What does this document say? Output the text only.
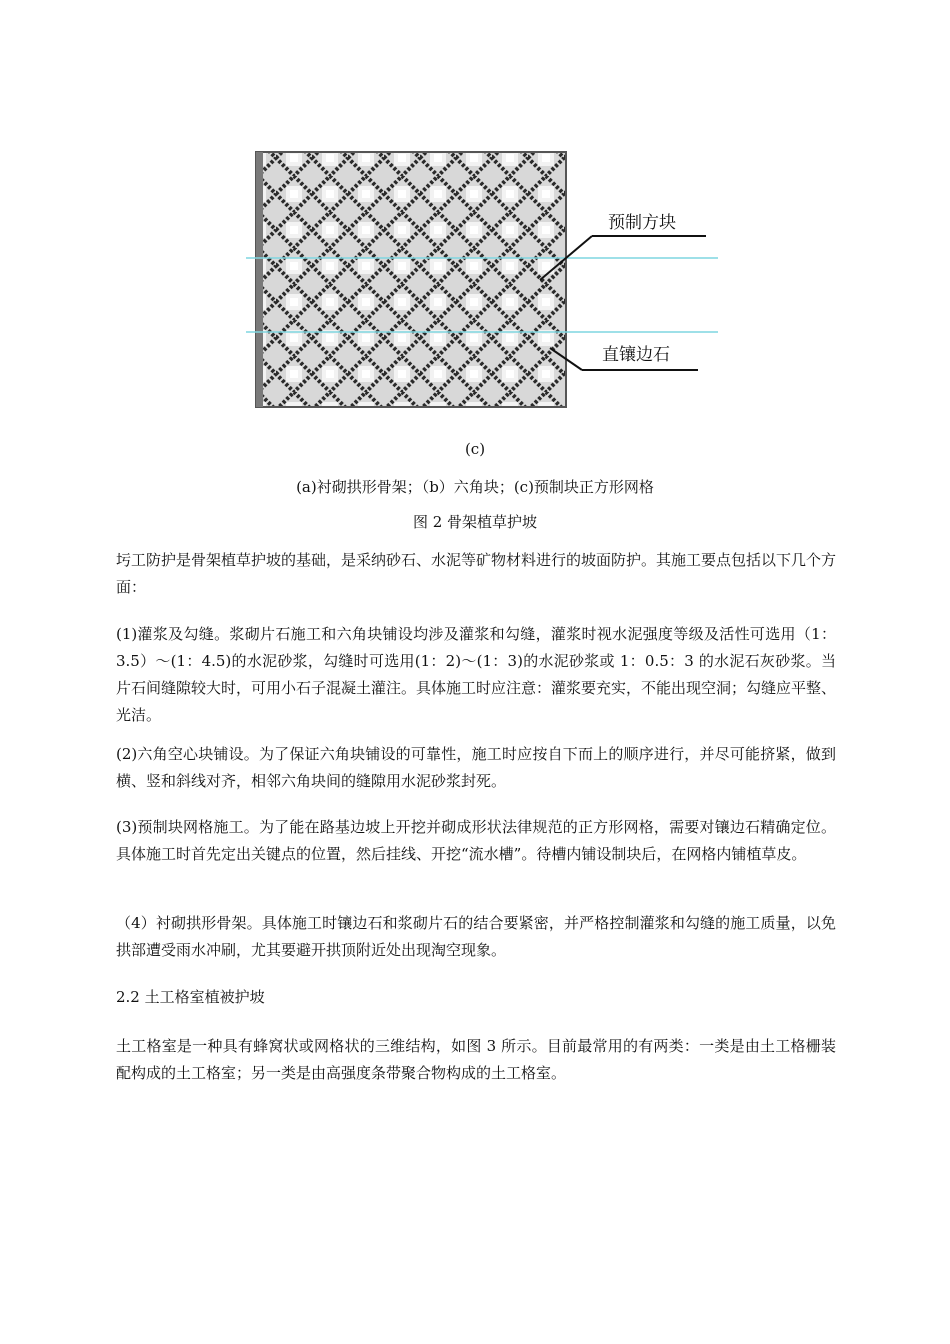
预制方块
直镶边石
(c)
(a)衬砌拱形骨架；（b）六角块；(c)预制块正方形网格
图 2 骨架植草护坡
圬工防护是骨架植草护坡的基础，是采纳砂石、水泥等矿物材料进行的坡面防护。其施工要点包括以下几个方面：
(1)灌浆及勾缝。浆砌片石施工和六角块铺设均涉及灌浆和勾缝，灌浆时视水泥强度等级及活性可选用（1：3.5）～(1：4.5)的水泥砂浆，勾缝时可选用(1：2)～(1：3)的水泥砂浆或 1：0.5：3 的水泥石灰砂浆。当片石间缝隙较大时，可用小石子混凝土灌注。具体施工时应注意：灌浆要充实，不能出现空洞；勾缝应平整、光洁。
(2)六角空心块铺设。为了保证六角块铺设的可靠性，施工时应按自下而上的顺序进行，并尽可能挤紧，做到横、竖和斜线对齐，相邻六角块间的缝隙用水泥砂浆封死。
(3)预制块网格施工。为了能在路基边坡上开挖并砌成形状法律规范的正方形网格，需要对镶边石精确定位。具体施工时首先定出关键点的位置，然后挂线、开挖“流水槽”。待槽内铺设制块后，在网格内铺植草皮。
（4）衬砌拱形骨架。具体施工时镶边石和浆砌片石的结合要紧密，并严格控制灌浆和勾缝的施工质量，以免拱部遭受雨水冲刷，尤其要避开拱顶附近处出现淘空现象。
2.2 土工格室植被护坡
土工格室是一种具有蜂窝状或网格状的三维结构，如图 3 所示。目前最常用的有两类：一类是由土工格栅装配构成的土工格室；另一类是由高强度条带聚合物构成的土工格室。
